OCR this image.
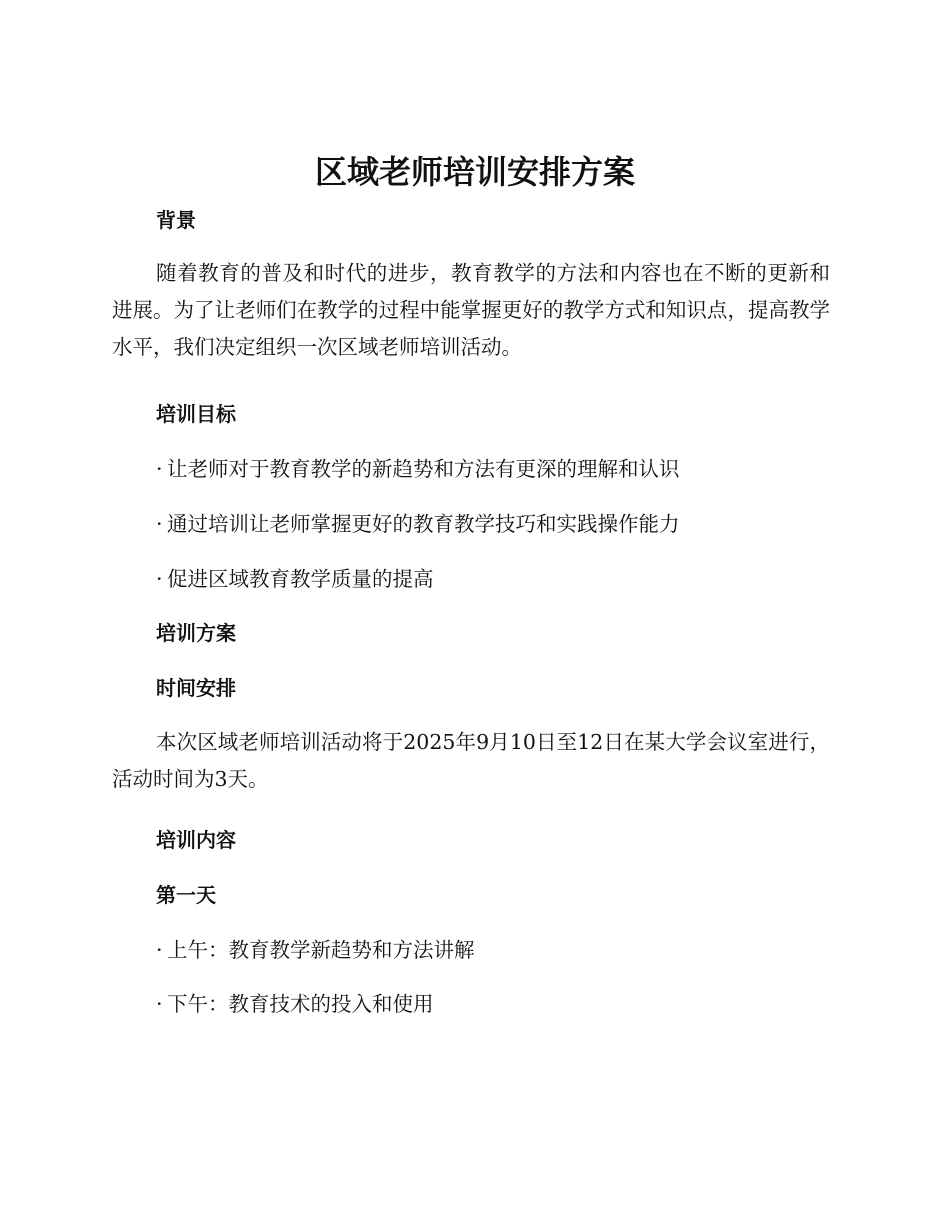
区域老师培训安排方案
背景

随着教育的普及和时代的进步，教育教学的方法和内容也在不断的更新和进展。为了让老师们在教学的过程中能掌握更好的教学方式和知识点，提高教学水平，我们决定组织一次区域老师培训活动。

培训目标

· 让老师对于教育教学的新趋势和方法有更深的理解和认识

· 通过培训让老师掌握更好的教育教学技巧和实践操作能力

· 促进区域教育教学质量的提高

培训方案
时间安排

本次区域老师培训活动将于2025年9月10日至12日在某大学会议室进行，活动时间为3天。

培训内容
第一天

· 上午：教育教学新趋势和方法讲解

· 下午：教育技术的投入和使用
